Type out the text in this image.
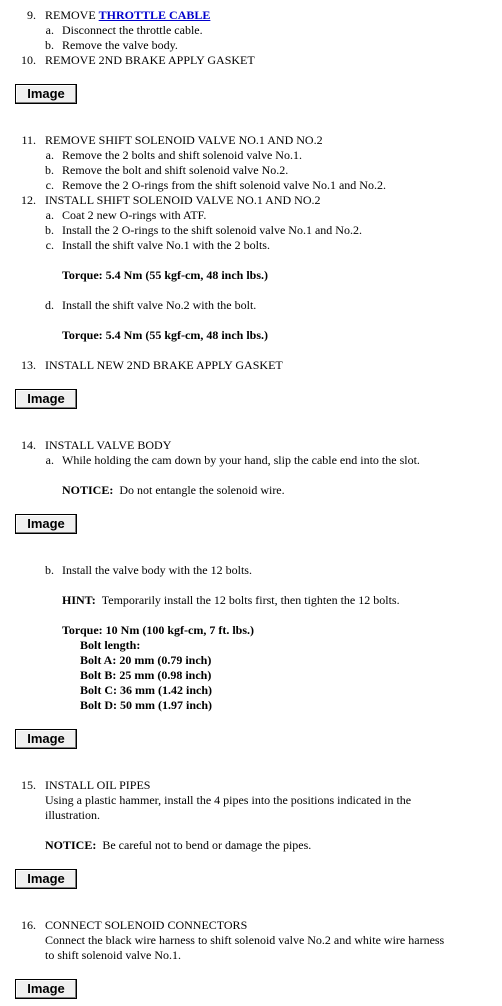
9. REMOVE THROTTLE CABLE
a. Disconnect the throttle cable.
b. Remove the valve body.
10. REMOVE 2ND BRAKE APPLY GASKET
Image
11. REMOVE SHIFT SOLENOID VALVE NO.1 AND NO.2
a. Remove the 2 bolts and shift solenoid valve No.1.
b. Remove the bolt and shift solenoid valve No.2.
c. Remove the 2 O-rings from the shift solenoid valve No.1 and No.2.
12. INSTALL SHIFT SOLENOID VALVE NO.1 AND NO.2
a. Coat 2 new O-rings with ATF.
b. Install the 2 O-rings to the shift solenoid valve No.1 and No.2.
c. Install the shift valve No.1 with the 2 bolts.
Torque: 5.4 Nm (55 kgf-cm, 48 inch lbs.)
d. Install the shift valve No.2 with the bolt.
Torque: 5.4 Nm (55 kgf-cm, 48 inch lbs.)
13. INSTALL NEW 2ND BRAKE APPLY GASKET
Image
14. INSTALL VALVE BODY
a. While holding the cam down by your hand, slip the cable end into the slot.
NOTICE: Do not entangle the solenoid wire.
Image
b. Install the valve body with the 12 bolts.
HINT: Temporarily install the 12 bolts first, then tighten the 12 bolts.
Torque: 10 Nm (100 kgf-cm, 7 ft. lbs.)
Bolt length:
Bolt A: 20 mm (0.79 inch)
Bolt B: 25 mm (0.98 inch)
Bolt C: 36 mm (1.42 inch)
Bolt D: 50 mm (1.97 inch)
Image
15. INSTALL OIL PIPES
Using a plastic hammer, install the 4 pipes into the positions indicated in the
illustration.
NOTICE: Be careful not to bend or damage the pipes.
Image
16. CONNECT SOLENOID CONNECTORS
Connect the black wire harness to shift solenoid valve No.2 and white wire harness
to shift solenoid valve No.1.
Image
